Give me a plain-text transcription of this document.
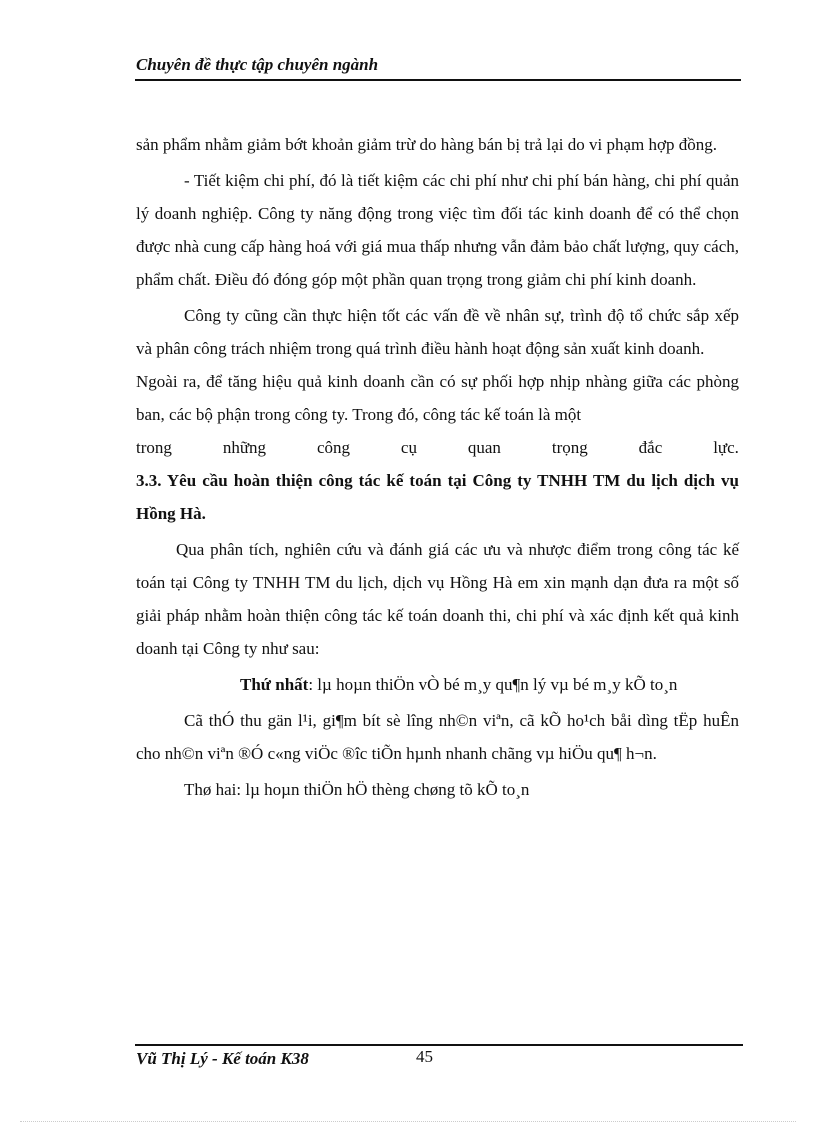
Chuyên đề thực tập chuyên ngành

sản phẩm nhằm giảm bớt khoản giảm trừ do hàng bán bị trả lại do vi phạm hợp đồng.

- Tiết kiệm chi phí, đó là tiết kiệm các chi phí như chi phí bán hàng, chi phí quản lý doanh nghiệp. Công ty năng động trong việc tìm đối tác kinh doanh để có thể chọn được nhà cung cấp hàng hoá với giá mua thấp nhưng vẫn đảm bảo chất lượng, quy cách, phẩm chất. Điều đó đóng góp một phần quan trọng trong giảm chi phí kinh doanh.

Công ty cũng cần thực hiện tốt các vấn đề về nhân sự, trình độ tổ chức sắp xếp và phân công trách nhiệm trong quá trình điều hành hoạt động sản xuất kinh doanh.

Ngoài ra, để tăng hiệu quả kinh doanh cần có sự phối hợp nhịp nhàng giữa các phòng ban, các bộ phận trong công ty. Trong đó, công tác kế toán là một

trong	những	công	cụ	quan	trọng	đắc	lực.

3.3. Yêu cầu hoàn thiện công tác kế toán tại Công ty TNHH TM du lịch dịch vụ Hồng Hà.

Qua phân tích, nghiên cứu và đánh giá các ưu và nhược điểm trong công tác kế toán tại Công ty TNHH TM du lịch, dịch vụ Hồng Hà em xin mạnh dạn đưa ra một số giải pháp nhằm hoàn thiện công tác kế toán doanh thi, chi phí và xác định kết quả kinh doanh tại Công ty như sau:

Thứ nhất: lµ hoµn thiÖn vÒ bé m¸y qu¶n lý vµ bé m¸y kÕ to¸n

Cã thÓ thu gän l¹i, gi¶m bít sè lîng nh©n viªn, cã kÕ ho¹ch båi dìng tËp huÊn cho nh©n viªn ®Ó c«ng viÖc ®îc tiÕn hµnh nhanh chãng vµ hiÖu qu¶ h¬n.

Thø hai: lµ hoµn thiÖn hÖ thèng chøng tõ kÕ to¸n

Vũ Thị Lý - Kế toán K38	45
